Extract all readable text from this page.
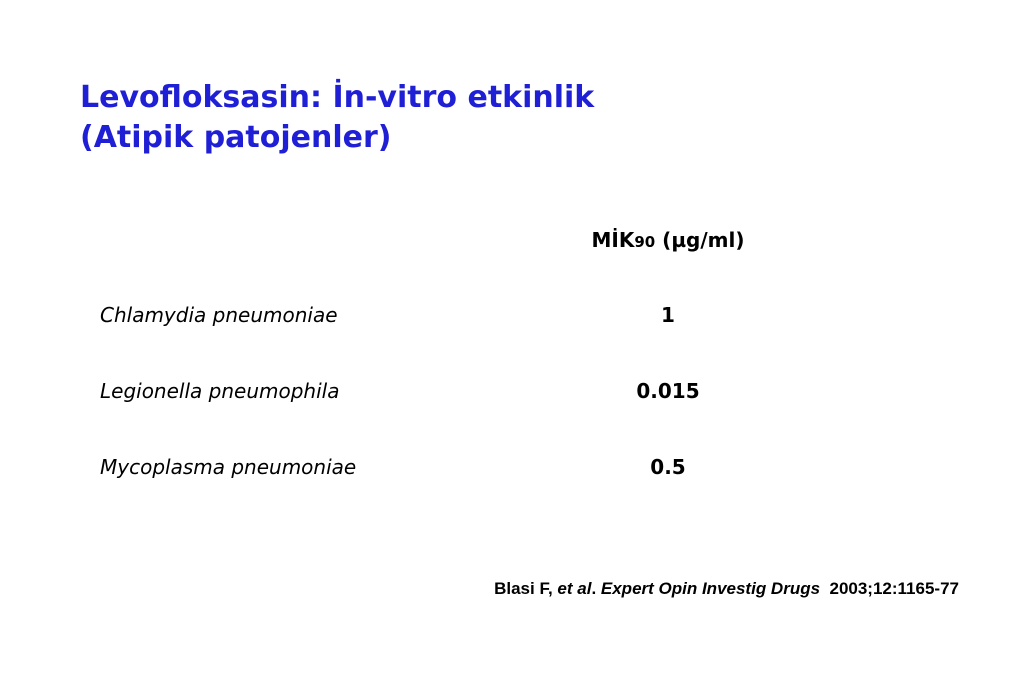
Levofloksasin: İn-vitro etkinlik
(Atipik patojenler)
MİK90 (µg/ml)
Chlamydia pneumoniae	1
Legionella pneumophila	0.015
Mycoplasma pneumoniae	0.5
Blasi F, et al. Expert Opin Investig Drugs  2003;12:1165-77
